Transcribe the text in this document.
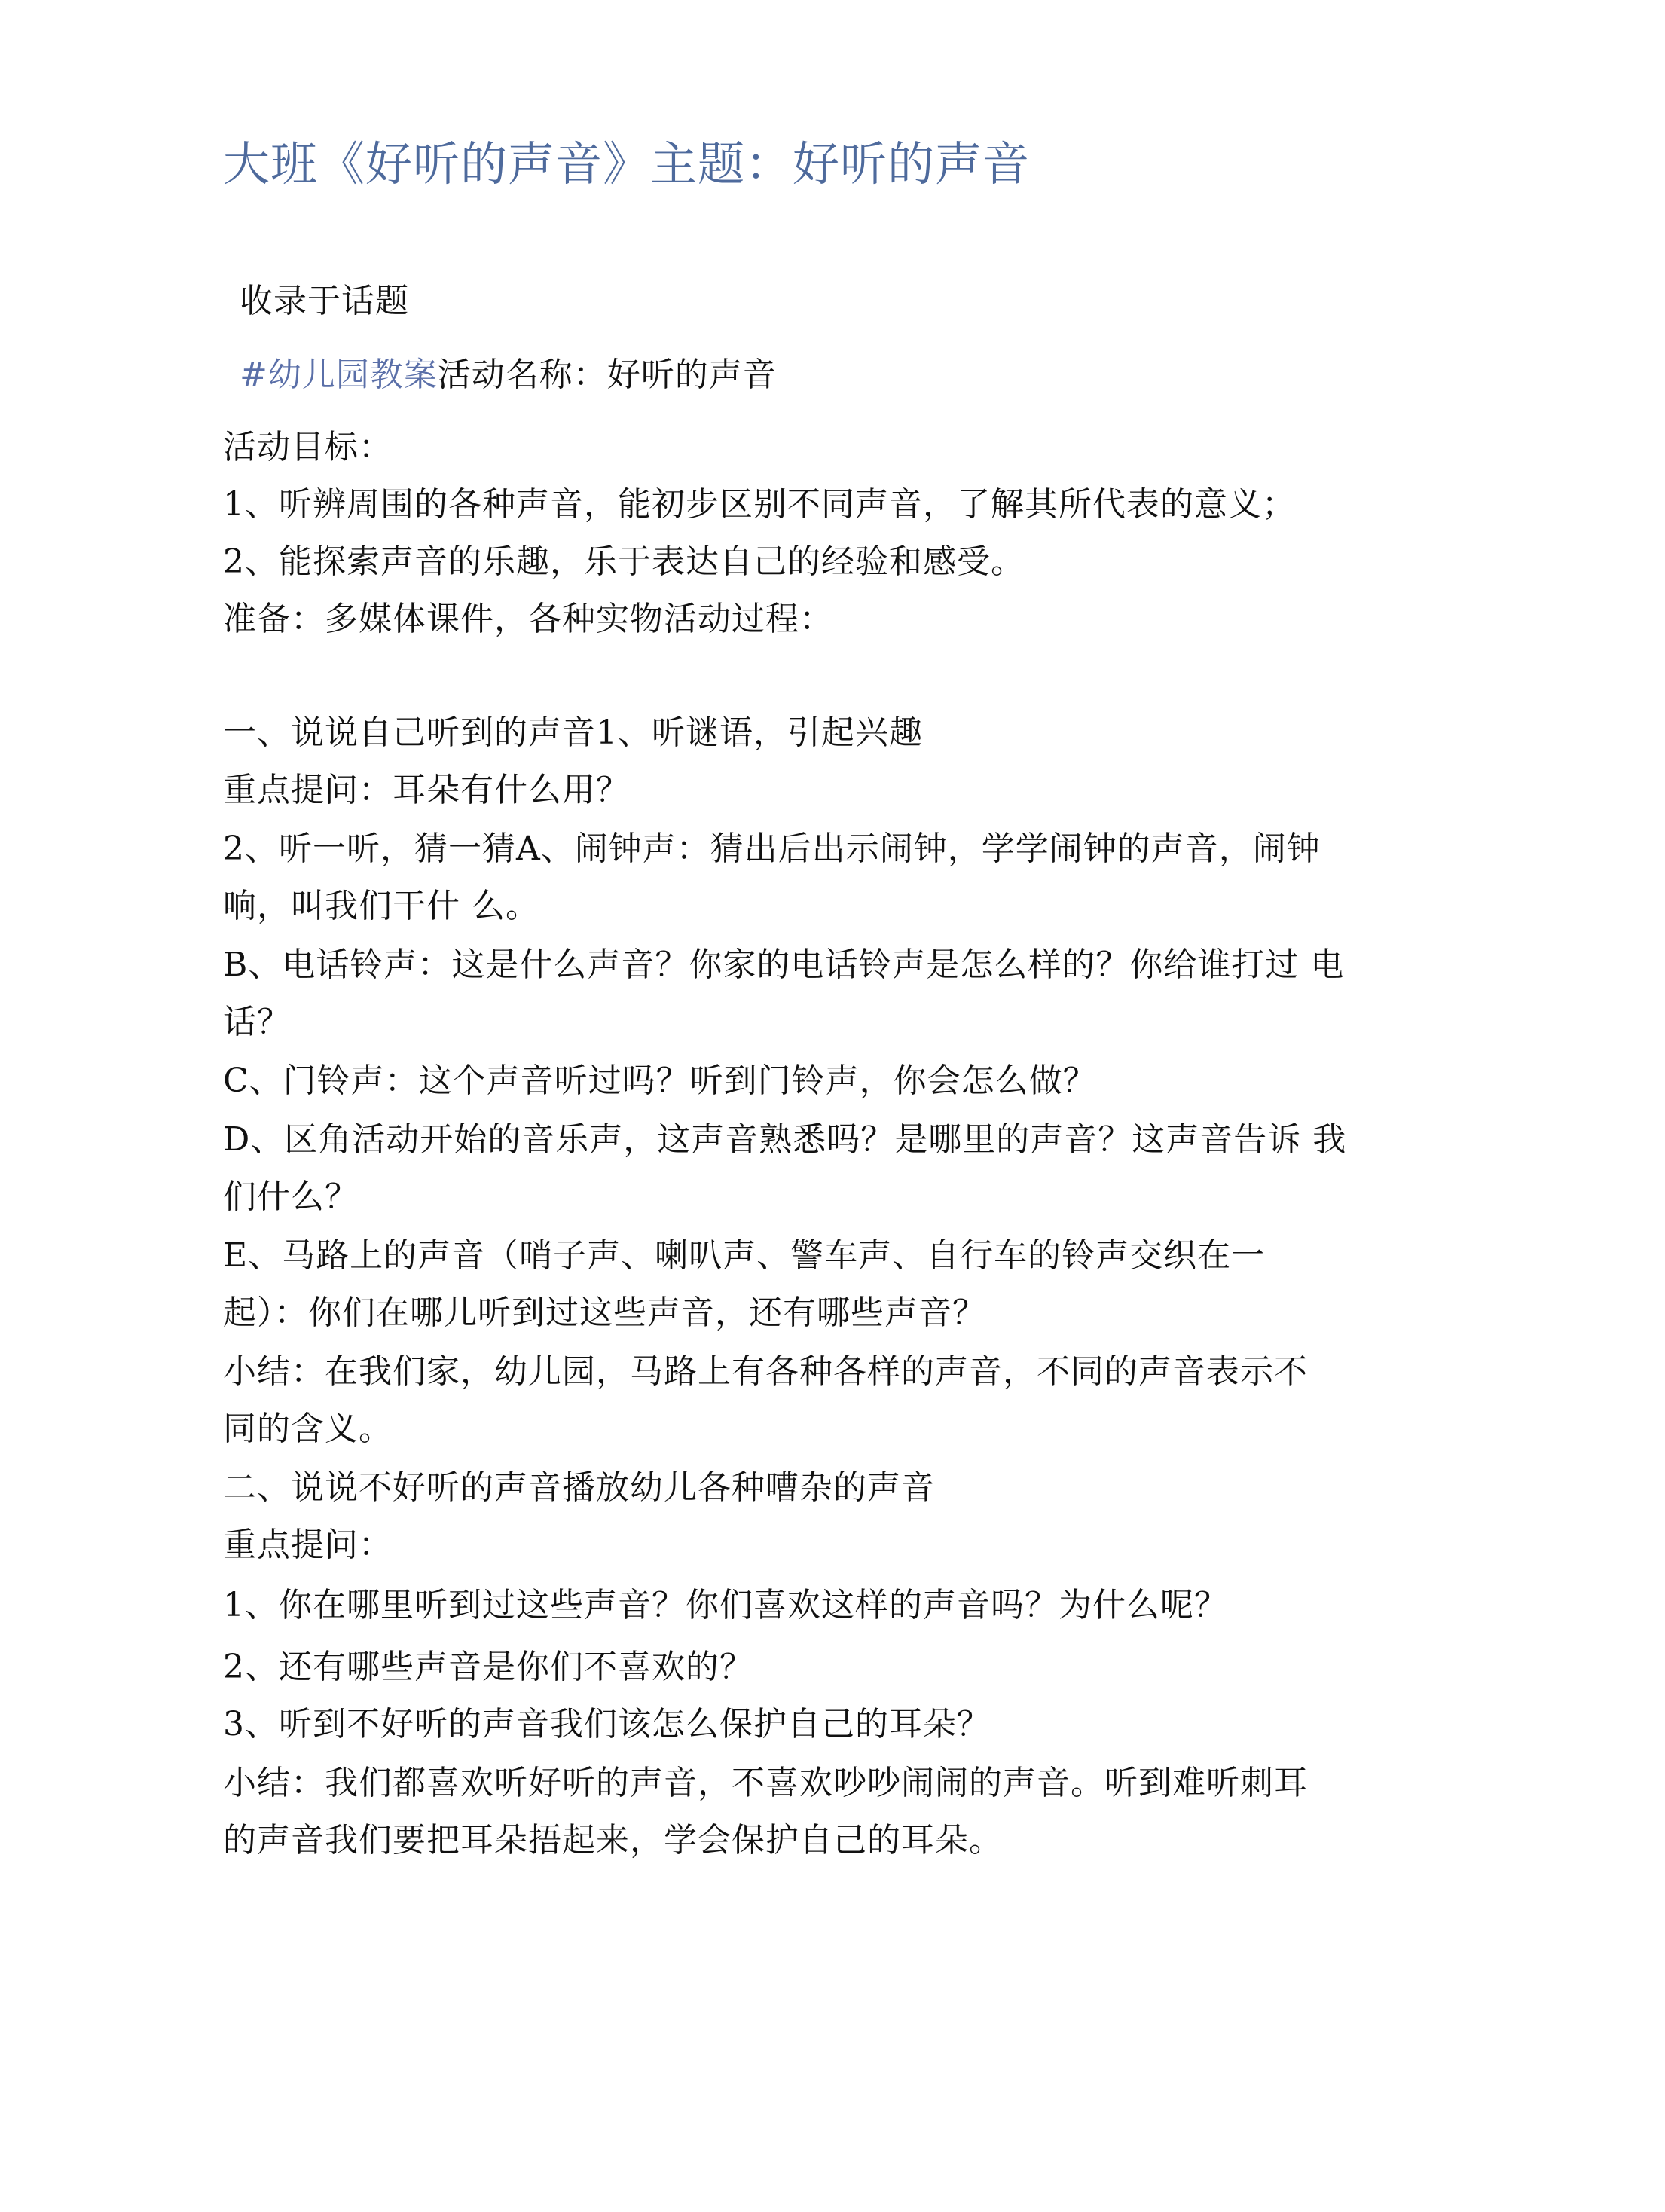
大班《好听的声音》主题：好听的声音
收录于话题
#幼儿园教案活动名称：好听的声音
活动目标：
1、听辨周围的各种声音，能初步区别不同声音，了解其所代表的意义；
2、能探索声音的乐趣，乐于表达自己的经验和感受。
准备：多媒体课件，各种实物活动过程：
一、说说自己听到的声音1、听谜语，引起兴趣
重点提问：耳朵有什么用？
2、听一听，猜一猜A、闹钟声：猜出后出示闹钟，学学闹钟的声音，闹钟
响，叫我们干什 么。
B、电话铃声：这是什么声音？你家的电话铃声是怎么样的？你给谁打过 电
话？
C、门铃声：这个声音听过吗？听到门铃声，你会怎么做？
D、区角活动开始的音乐声，这声音熟悉吗？是哪里的声音？这声音告诉 我
们什么？
E、马路上的声音（哨子声、喇叭声、警车声、自行车的铃声交织在一
起）：你们在哪儿听到过这些声音，还有哪些声音？
小结：在我们家，幼儿园，马路上有各种各样的声音，不同的声音表示不
同的含义。
二、说说不好听的声音播放幼儿各种嘈杂的声音
重点提问：
1、你在哪里听到过这些声音？你们喜欢这样的声音吗？为什么呢？
2、还有哪些声音是你们不喜欢的？
3、听到不好听的声音我们该怎么保护自己的耳朵？
小结：我们都喜欢听好听的声音，不喜欢吵吵闹闹的声音。听到难听刺耳
的声音我们要把耳朵捂起来，学会保护自己的耳朵。
